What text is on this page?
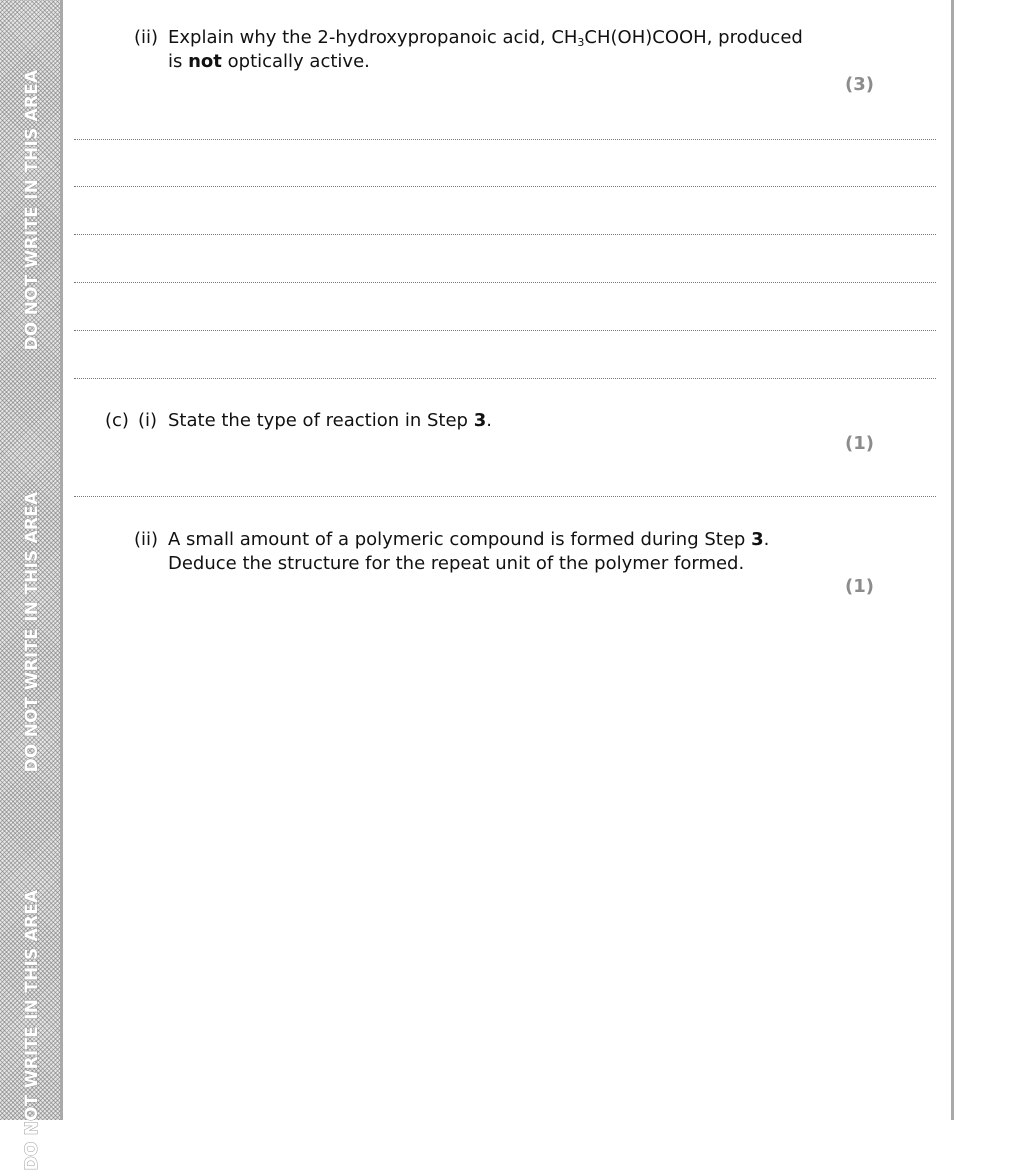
DO NOT WRITE IN THIS AREA
DO NOT WRITE IN THIS AREA
DO NOT WRITE IN THIS AREA
(ii) Explain why the 2-hydroxypropanoic acid, $CH_3CH(OH)COOH$, produced
is not optically active.
(3)
(c) (i) State the type of reaction in Step 3.
(1)
(ii) A small amount of a polymeric compound is formed during Step 3.
Deduce the structure for the repeat unit of the polymer formed.
(1)
